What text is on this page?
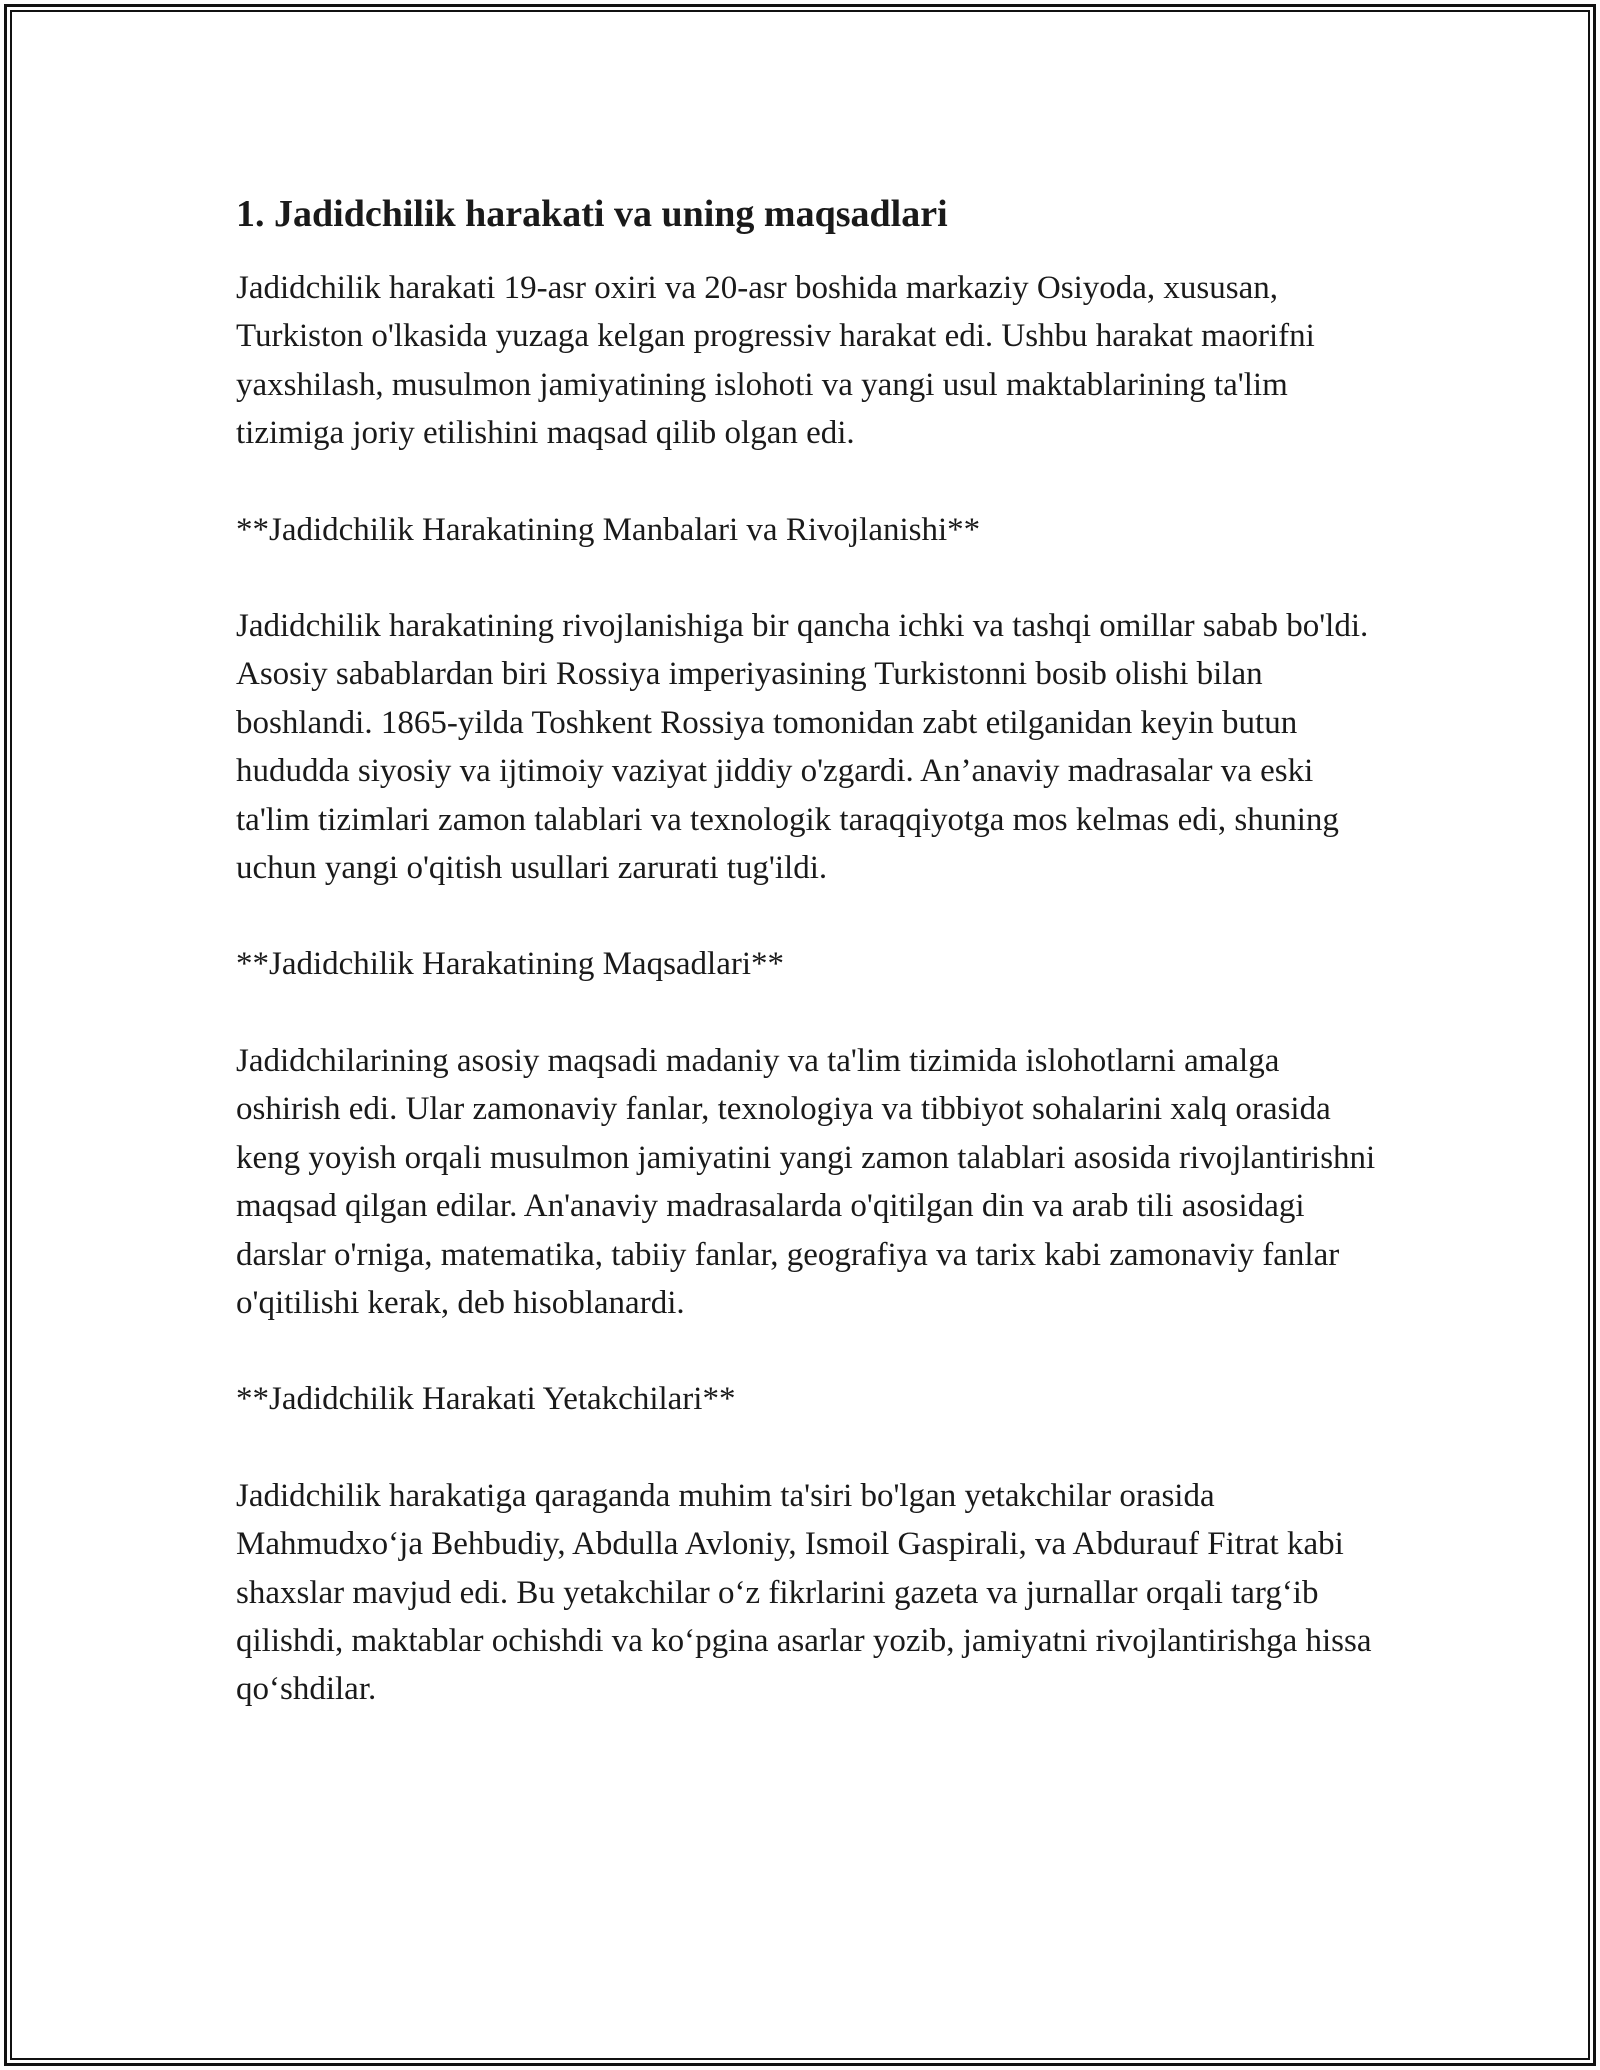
1. Jadidchilik harakati va uning maqsadlari

Jadidchilik harakati 19-asr oxiri va 20-asr boshida markaziy Osiyoda, xususan, Turkiston o'lkasida yuzaga kelgan progressiv harakat edi. Ushbu harakat maorifni yaxshilash, musulmon jamiyatining islohoti va yangi usul maktablarining ta'lim tizimiga joriy etilishini maqsad qilib olgan edi.

**Jadidchilik Harakatining Manbalari va Rivojlanishi**

Jadidchilik harakatining rivojlanishiga bir qancha ichki va tashqi omillar sabab bo'ldi. Asosiy sabablardan biri Rossiya imperiyasining Turkistonni bosib olishi bilan boshlandi. 1865-yilda Toshkent Rossiya tomonidan zabt etilganidan keyin butun hududda siyosiy va ijtimoiy vaziyat jiddiy o'zgardi. An’anaviy madrasalar va eski ta'lim tizimlari zamon talablari va texnologik taraqqiyotga mos kelmas edi, shuning uchun yangi o'qitish usullari zarurati tug'ildi.

**Jadidchilik Harakatining Maqsadlari**

Jadidchilarining asosiy maqsadi madaniy va ta'lim tizimida islohotlarni amalga oshirish edi. Ular zamonaviy fanlar, texnologiya va tibbiyot sohalarini xalq orasida keng yoyish orqali musulmon jamiyatini yangi zamon talablari asosida rivojlantirishni maqsad qilgan edilar. An'anaviy madrasalarda o'qitilgan din va arab tili asosidagi darslar o'rniga, matematika, tabiiy fanlar, geografiya va tarix kabi zamonaviy fanlar o'qitilishi kerak, deb hisoblanardi.

**Jadidchilik Harakati Yetakchilari**

Jadidchilik harakatiga qaraganda muhim ta'siri bo'lgan yetakchilar orasida Mahmudxo‘ja Behbudiy, Abdulla Avloniy, Ismoil Gaspirali, va Abdurauf Fitrat kabi shaxslar mavjud edi. Bu yetakchilar o‘z fikrlarini gazeta va jurnallar orqali targ‘ib qilishdi, maktablar ochishdi va ko‘pgina asarlar yozib, jamiyatni rivojlantirishga hissa qo‘shdilar.
